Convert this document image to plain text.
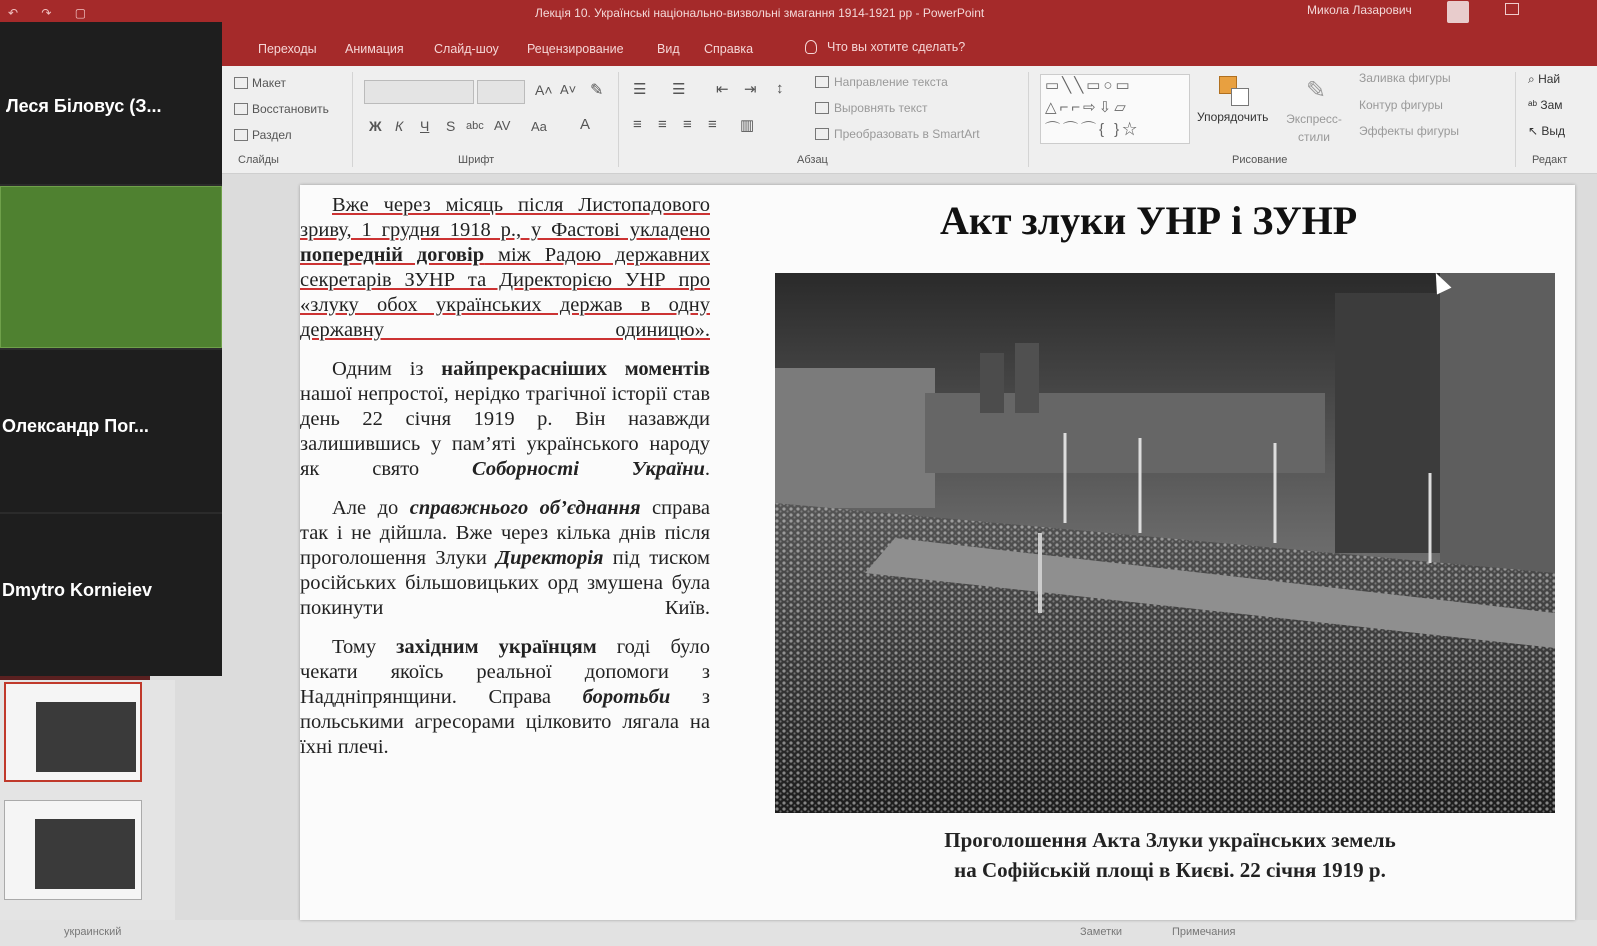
↶ ↷ ▢	Лекція 10. Українські національно-визвольні змагання 1914-1921 рр - PowerPoint	Микола Лазарович
Переходы Анимация Слайд-шоу Рецензирование	Вид Справка	Что вы хотите сделать?
Макет
Восстановить
Раздел
Слайды
A˄ A˅ ✎
Ж К Ч S abc AV Aa A
Шрифт
☰ ☰ ⇤ ⇥ ↕
≡ ≡ ≡ ≡ ▥
Направление текста
Выровнять текст
Преобразовать в SmartArt
Абзац
▭╲╲▭○▭
△⌐⌐⇨⇩▱
⌒⌒⌒{ }☆
Упорядочить
✎
Экспресс-стили
Заливка фигуры
Контур фигуры
Эффекты фигуры
Рисование
⌕ Най
ᵃᵇ Зам
↖ Выд
Редакт
украинский	Заметки	Примечания

Вже через місяць після Листопадового зриву, 1 грудня 1918 р., у Фастові укладено попередній договір між Радою державних секретарів ЗУНР та Директорією УНР про «злуку обох українських держав в одну державну одиницю».

Одним із найпрекрасніших моментів нашої непростої, нерідко трагічної історії став день 22 січня 1919 р. Він назавжди залишившись у пам’яті українського народу як свято Соборності України.

Але до справжнього об’єднання справа так і не дійшла. Вже через кілька днів після проголошення Злуки Директорія під тиском російських більшовицьких орд змушена була покинути Київ.

Тому західним українцям годі було чекати якоїсь реальної допомоги з Наддніпрянщини. Справа боротьби з польськими агресорами цілковито лягала на їхні плечі.

Акт злуки УНР і ЗУНР
Проголошення Акта Злуки українських земель
на Софійській площі в Києві. 22 січня 1919 р.
Леся Біловус (З...
Олександр Пог...
Dmytro Kornieiev
